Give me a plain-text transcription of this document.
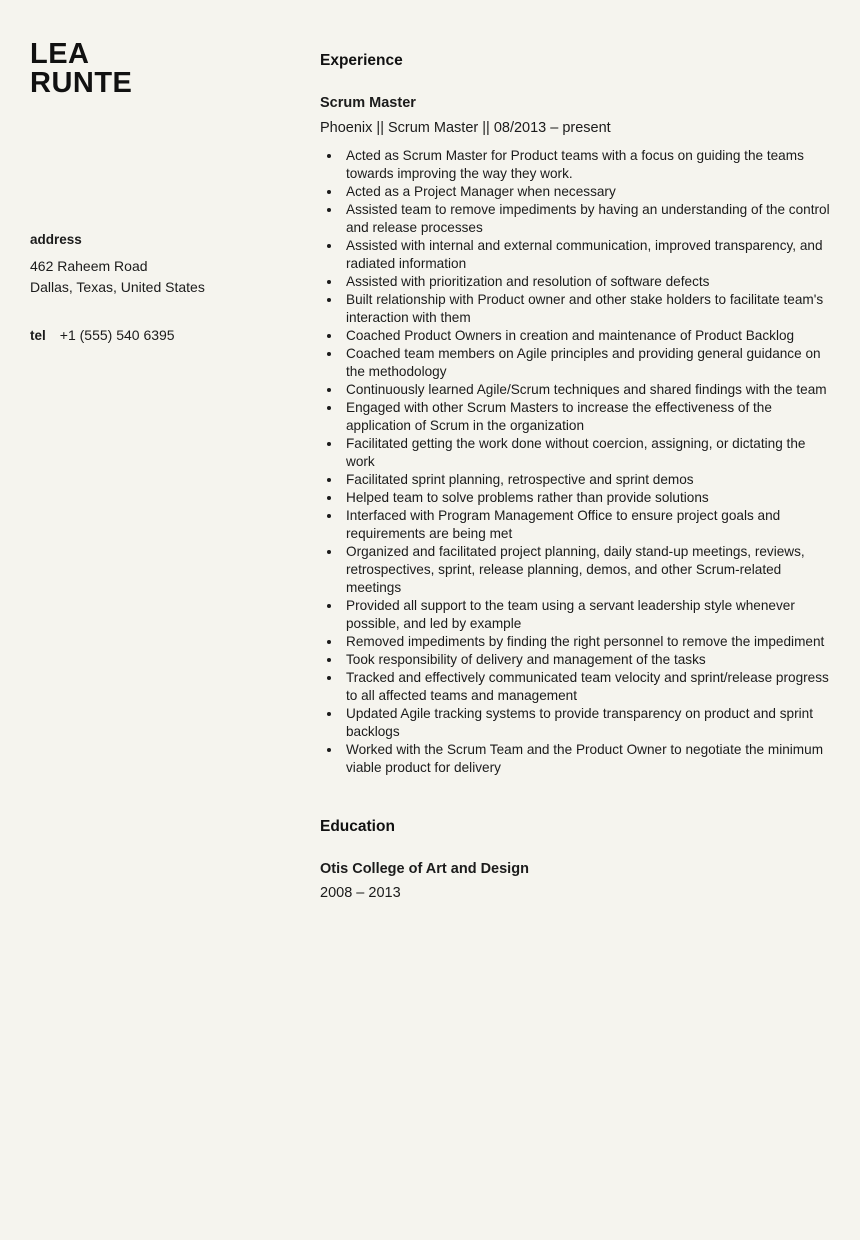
LEA
RUNTE
address
462 Raheem Road
Dallas, Texas, United States
tel +1 (555) 540 6395
Experience
Scrum Master
Phoenix || Scrum Master || 08/2013 – present
• Acted as Scrum Master for Product teams with a focus on guiding the teams towards improving the way they work.
• Acted as a Project Manager when necessary
• Assisted team to remove impediments by having an understanding of the control and release processes
• Assisted with internal and external communication, improved transparency, and radiated information
• Assisted with prioritization and resolution of software defects
• Built relationship with Product owner and other stake holders to facilitate team's interaction with them
• Coached Product Owners in creation and maintenance of Product Backlog
• Coached team members on Agile principles and providing general guidance on the methodology
• Continuously learned Agile/Scrum techniques and shared findings with the team
• Engaged with other Scrum Masters to increase the effectiveness of the application of Scrum in the organization
• Facilitated getting the work done without coercion, assigning, or dictating the work
• Facilitated sprint planning, retrospective and sprint demos
• Helped team to solve problems rather than provide solutions
• Interfaced with Program Management Office to ensure project goals and requirements are being met
• Organized and facilitated project planning, daily stand-up meetings, reviews, retrospectives, sprint, release planning, demos, and other Scrum-related meetings
• Provided all support to the team using a servant leadership style whenever possible, and led by example
• Removed impediments by finding the right personnel to remove the impediment
• Took responsibility of delivery and management of the tasks
• Tracked and effectively communicated team velocity and sprint/release progress to all affected teams and management
• Updated Agile tracking systems to provide transparency on product and sprint backlogs
• Worked with the Scrum Team and the Product Owner to negotiate the minimum viable product for delivery
Education
Otis College of Art and Design
2008 – 2013
